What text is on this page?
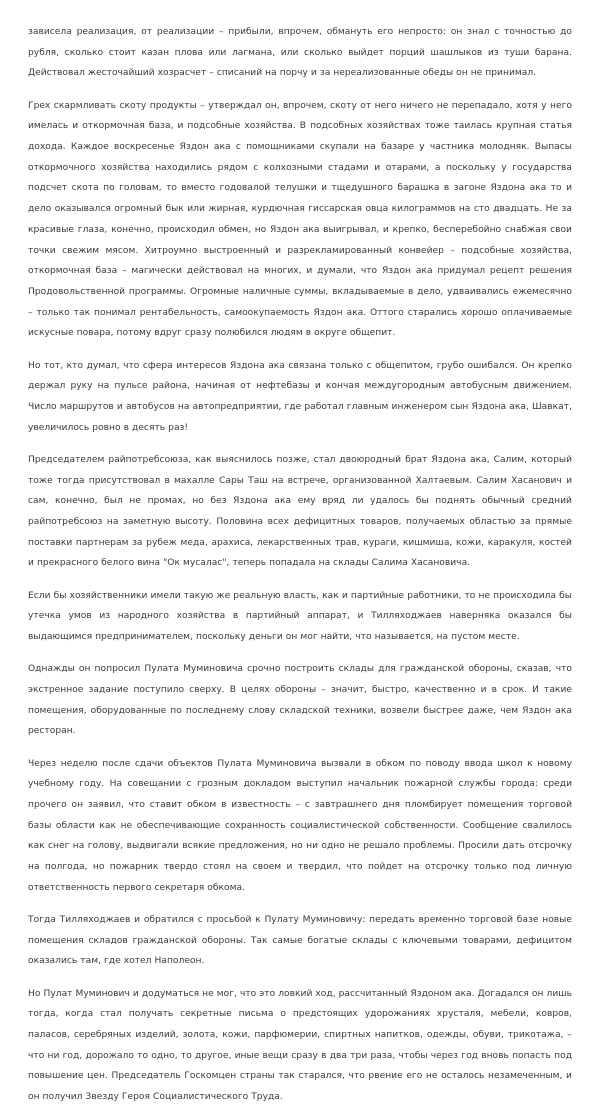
зависела реализация, от реализации – прибыли, впрочем, обмануть его непросто: он знал с точностью до рубля, сколько стоит казан плова или лагмана, или сколько выйдет порций шашлыков из туши барана. Действовал жесточайший хозрасчет – списаний на порчу и за нереализованные обеды он не принимал.

Грех скармливать скоту продукты – утверждал он, впрочем, скоту от него ничего не перепадало, хотя у него имелась и откормочная база, и подсобные хозяйства. В подсобных хозяйствах тоже таилась крупная статья дохода. Каждое воскресенье Яздон ака с помощниками скупали на базаре у частника молодняк. Выпасы откормочного хозяйства находились рядом с колхозными стадами и отарами, а поскольку у государства подсчет скота по головам, то вместо годовалой телушки и тщедушного барашка в загоне Яздона ака то и дело оказывался огромный бык или жирная, курдючная гиссарская овца килограммов на сто двадцать. Не за красивые глаза, конечно, происходил обмен, но Яздон ака выигрывал, и крепко, бесперебойно снабжая свои точки свежим мясом. Хитроумно выстроенный и разрекламированный конвейер – подсобные хозяйства, откормочная база – магически действовал на многих, и думали, что Яздон ака придумал рецепт решения Продовольственной программы. Огромные наличные суммы, вкладываемые в дело, удваивались ежемесячно – только так понимал рентабельность, самоокупаемость Яздон ака. Оттого старались хорошо оплачиваемые искусные повара, потому вдруг сразу полюбился людям в округе общепит.

Но тот, кто думал, что сфера интересов Яздона ака связана только с общепитом, грубо ошибался. Он крепко держал руку на пульсе района, начиная от нефтебазы и кончая междугородным автобусным движением. Число маршрутов и автобусов на автопредприятии, где работал главным инженером сын Яздона ака, Шавкат, увеличилось ровно в десять раз!

Председателем райпотребсоюза, как выяснилось позже, стал двоюродный брат Яздона ака, Салим, который тоже тогда присутствовал в махалле Сары Таш на встрече, организованной Халтаевым. Салим Хасанович и сам, конечно, был не промах, но без Яздона ака ему вряд ли удалось бы поднять обычный средний райпотребсоюз на заметную высоту. Половина всех дефицитных товаров, получаемых областью за прямые поставки партнерам за рубеж меда, арахиса, лекарственных трав, кураги, кишмиша, кожи, каракуля, костей и прекрасного белого вина "Ок мусалас", теперь попадала на склады Салима Хасановича.

Если бы хозяйственники имели такую же реальную власть, как и партийные работники, то не происходила бы утечка умов из народного хозяйства в партийный аппарат, и Тилляходжаев наверняка оказался бы выдающимся предпринимателем, поскольку деньги он мог найти, что называется, на пустом месте.

Однажды он попросил Пулата Муминовича срочно построить склады для гражданской обороны, сказав, что экстренное задание поступило сверху. В целях обороны – значит, быстро, качественно и в срок. И такие помещения, оборудованные по последнему слову складской техники, возвели быстрее даже, чем Яздон ака ресторан.

Через неделю после сдачи объектов Пулата Муминовича вызвали в обком по поводу ввода школ к новому учебному году. На совещании с грозным докладом выступил начальник пожарной службы города: среди прочего он заявил, что ставит обком в известность – с завтрашнего дня пломбирует помещения торговой базы области как не обеспечивающие сохранность социалистической собственности. Сообщение свалилось как снег на голову, выдвигали всякие предложения, но ни одно не решало проблемы. Просили дать отсрочку на полгода, но пожарник твердо стоял на своем и твердил, что пойдет на отсрочку только под личную ответственность первого секретаря обкома.

Тогда Тилляходжаев и обратился с просьбой к Пулату Муминовичу: передать временно торговой базе новые помещения складов гражданской обороны. Так самые богатые склады с ключевыми товарами, дефицитом оказались там, где хотел Наполеон.

Но Пулат Муминович и додуматься не мог, что это ловкий ход, рассчитанный Яздоном ака. Догадался он лишь тогда, когда стал получать секретные письма о предстоящих удорожаниях хрусталя, мебели, ковров, паласов, серебряных изделий, золота, кожи, парфюмерии, спиртных напитков, одежды, обуви, трикотажа, – что ни год, дорожало то одно, то другое, иные вещи сразу в два три раза, чтобы через год вновь попасть под повышение цен. Председатель Госкомцен страны так старался, что рвение его не осталось незамеченным, и он получил Звезду Героя Социалистического Труда.
